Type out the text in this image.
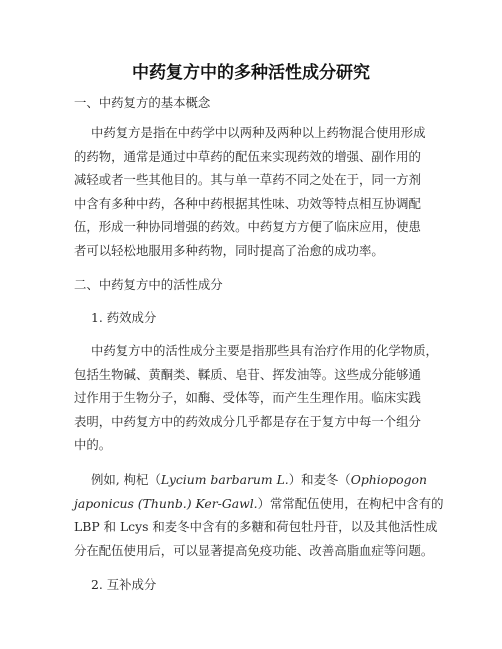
中药复方中的多种活性成分研究
一、中药复方的基本概念
中药复方是指在中药学中以两种及两种以上药物混合使用形成
的药物，通常是通过中草药的配伍来实现药效的增强、副作用的
减轻或者一些其他目的。其与单一草药不同之处在于，同一方剂
中含有多种中药，各种中药根据其性味、功效等特点相互协调配
伍，形成一种协同增强的药效。中药复方方便了临床应用，使患
者可以轻松地服用多种药物，同时提高了治愈的成功率。
二、中药复方中的活性成分
1. 药效成分
中药复方中的活性成分主要是指那些具有治疗作用的化学物质，
包括生物碱、黄酮类、鞣质、皂苷、挥发油等。这些成分能够通
过作用于生物分子，如酶、受体等，而产生生理作用。临床实践
表明，中药复方中的药效成分几乎都是存在于复方中每一个组分
中的。
例如, 枸杞（Lycium barbarum L.）和麦冬（Ophiopogon
japonicus (Thunb.) Ker-Gawl.）常常配伍使用，在枸杞中含有的
LBP 和 Lcys 和麦冬中含有的多糖和荷包牡丹苷，以及其他活性成
分在配伍使用后，可以显著提高免疫功能、改善高脂血症等问题。
2. 互补成分
